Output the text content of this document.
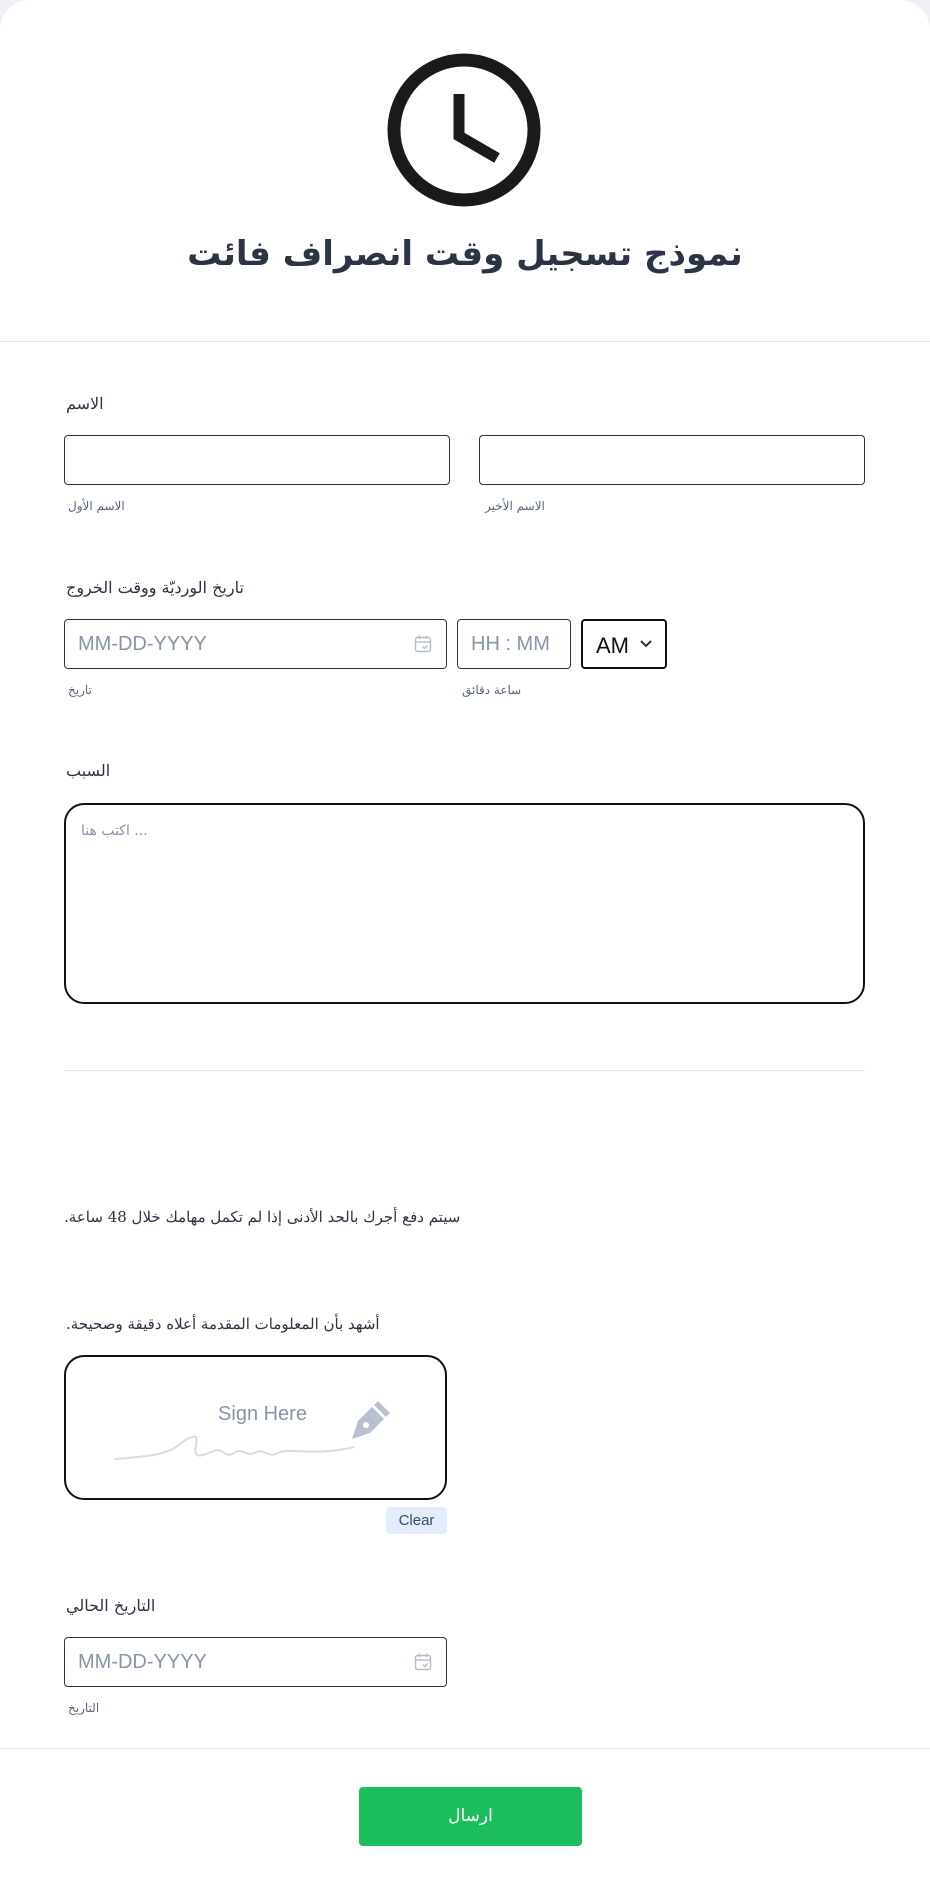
نموذج تسجيل وقت انصراف فائت
الاسم
الاسم الأول	الاسم الأخير
تاريخ الورديّة ووقت الخروج
MM-DD-YYYY	HH : MM AM
تاريخ	ساعة دقائق
السبب
اكتب هنا ...
.سيتم دفع أجرك بالحد الأدنى إذا لم تكمل مهامك خلال 48 ساعة
.أشهد بأن المعلومات المقدمة أعلاه دقيقة وصحيحة
Sign Here
Clear
التاريخ الحالي
MM-DD-YYYY
التاريخ
ارسال
